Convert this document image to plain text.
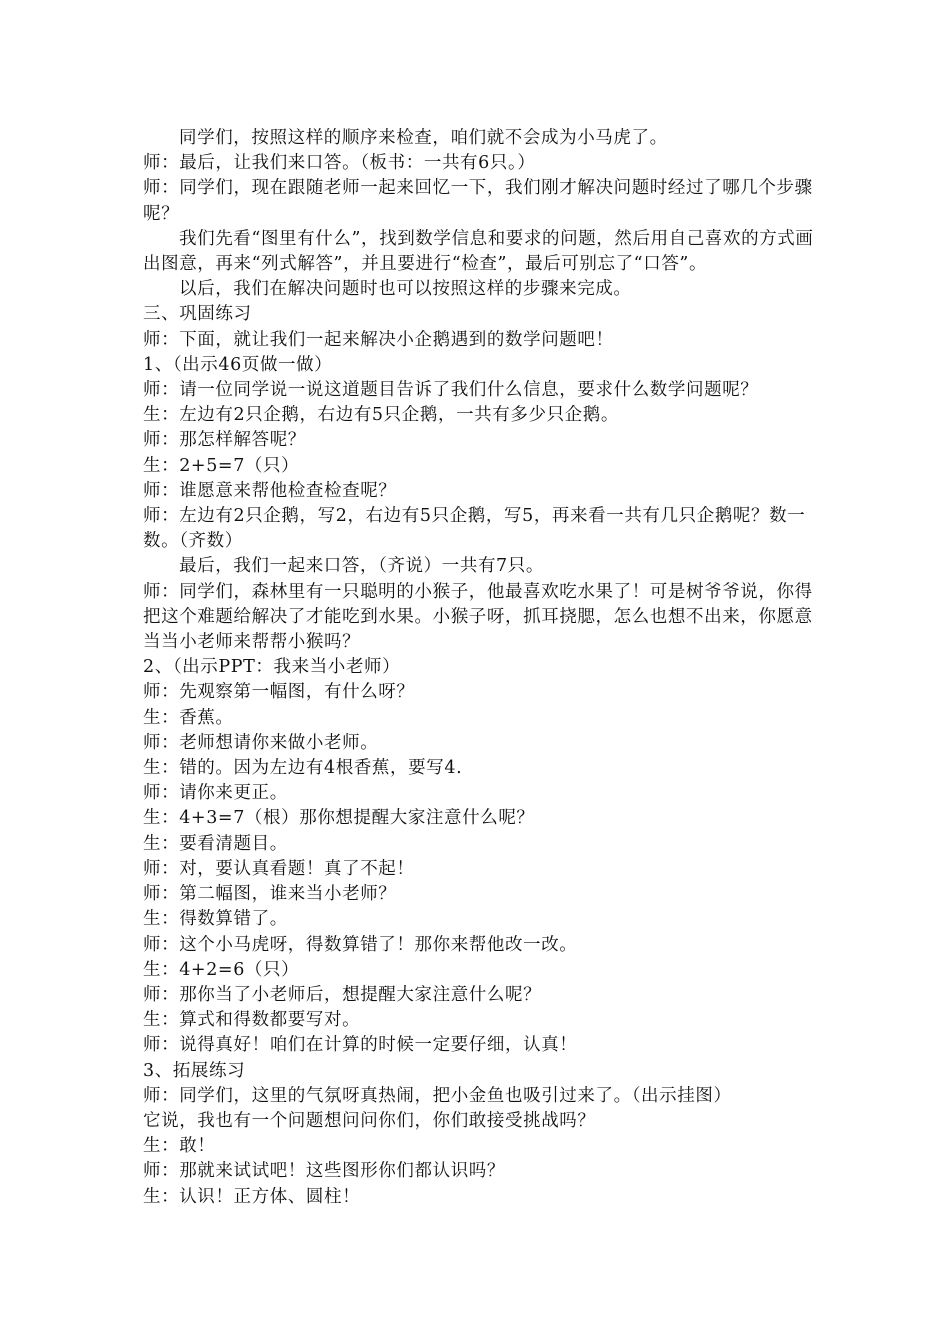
同学们，按照这样的顺序来检查，咱们就不会成为小马虎了。

师：最后，让我们来口答。（板书：一共有6只。）

师：同学们，现在跟随老师一起来回忆一下，我们刚才解决问题时经过了哪几个步骤呢？

我们先看“图里有什么”，找到数学信息和要求的问题，然后用自己喜欢的方式画出图意，再来“列式解答”，并且要进行“检查”，最后可别忘了“口答”。

以后，我们在解决问题时也可以按照这样的步骤来完成。

三、巩固练习

师：下面，就让我们一起来解决小企鹅遇到的数学问题吧！

1、（出示46页做一做）

师：请一位同学说一说这道题目告诉了我们什么信息，要求什么数学问题呢？

生：左边有2只企鹅，右边有5只企鹅，一共有多少只企鹅。

师：那怎样解答呢？

生：2+5=7（只）

师：谁愿意来帮他检查检查呢？

师：左边有2只企鹅，写2，右边有5只企鹅，写5，再来看一共有几只企鹅呢？数一数。（齐数）

最后，我们一起来口答，（齐说）一共有7只。

师：同学们，森林里有一只聪明的小猴子，他最喜欢吃水果了！可是树爷爷说，你得把这个难题给解决了才能吃到水果。小猴子呀，抓耳挠腮，怎么也想不出来，你愿意当当小老师来帮帮小猴吗？

2、（出示PPT：我来当小老师）

师：先观察第一幅图，有什么呀？

生：香蕉。

师：老师想请你来做小老师。

生：错的。因为左边有4根香蕉，要写4.

师：请你来更正。

生：4+3=7（根）那你想提醒大家注意什么呢？

生：要看清题目。

师：对，要认真看题！真了不起！

师：第二幅图，谁来当小老师？

生：得数算错了。

师：这个小马虎呀，得数算错了！那你来帮他改一改。

生：4+2=6（只）

师：那你当了小老师后，想提醒大家注意什么呢？

生：算式和得数都要写对。

师：说得真好！咱们在计算的时候一定要仔细，认真！

3、拓展练习

师：同学们，这里的气氛呀真热闹，把小金鱼也吸引过来了。（出示挂图）

它说，我也有一个问题想问问你们，你们敢接受挑战吗？

生：敢！

师：那就来试试吧！这些图形你们都认识吗？

生：认识！正方体、圆柱！
